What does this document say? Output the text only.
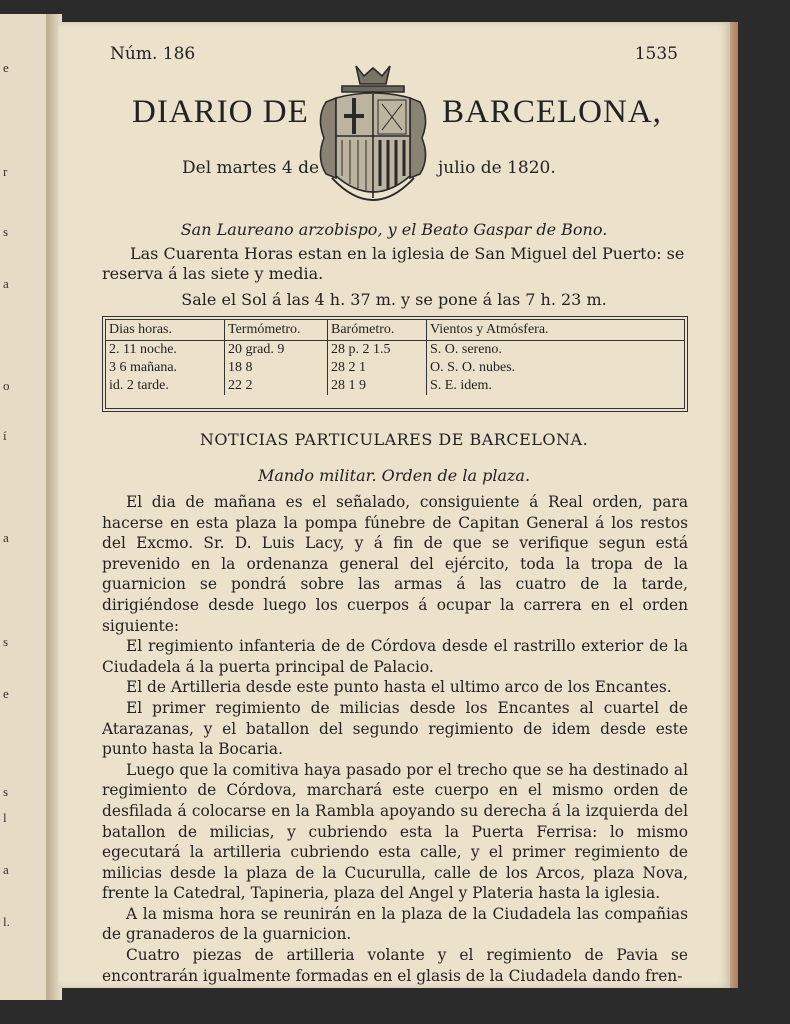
e
r
s
a
o
í
a
s
e
s
l
a
l.
Núm. 186	1535
DIARIO DE	BARCELONA,
Del martes 4 de	julio de 1820.
San Laureano arzobispo, y el Beato Gaspar de Bono.
Las Cuarenta Horas estan en la iglesia de San Miguel del Puerto: se reserva á las siete y media.
Sale el Sol á las 4 h. 37 m. y se pone á las 7 h. 23 m.
Dias horas.	Termómetro.	Barómetro.	Vientos y Atmósfera.
2. 11 noche.	20 grad. 9	28 p. 2 1.5	S. O. sereno.
3 6 mañana.	18 8	28 2 1	O. S. O. nubes.
id. 2 tarde.	22 2	28 1 9	S. E. idem.
NOTICIAS PARTICULARES DE BARCELONA.
Mando militar. Orden de la plaza.

El dia de mañana es el señalado, consiguiente á Real orden, para hacerse en esta plaza la pompa fúnebre de Capitan General á los restos del Excmo. Sr. D. Luis Lacy, y á fin de que se verifique segun está prevenido en la ordenanza general del ejército, toda la tropa de la guarnicion se pondrá sobre las armas á las cuatro de la tarde, dirigiéndose desde luego los cuerpos á ocupar la carrera en el orden siguiente:

El regimiento infanteria de de Córdova desde el rastrillo exterior de la Ciudadela á la puerta principal de Palacio.

El de Artilleria desde este punto hasta el ultimo arco de los Encantes.

El primer regimiento de milicias desde los Encantes al cuartel de Atarazanas, y el batallon del segundo regimiento de idem desde este punto hasta la Bocaria.

Luego que la comitiva haya pasado por el trecho que se ha destinado al regimiento de Córdova, marchará este cuerpo en el mismo orden de desfilada á colocarse en la Rambla apoyando su derecha á la izquierda del batallon de milicias, y cubriendo esta la Puerta Ferrisa: lo mismo egecutará la artilleria cubriendo esta calle, y el primer regimiento de milicias desde la plaza de la Cucurulla, calle de los Arcos, plaza Nova, frente la Catedral, Tapineria, plaza del Angel y Plateria hasta la iglesia.

A la misma hora se reunirán en la plaza de la Ciudadela las compañias de granaderos de la guarnicion.

Cuatro piezas de artilleria volante y el regimiento de Pavia se encontrarán igualmente formadas en el glasis de la Ciudadela dando fren-
